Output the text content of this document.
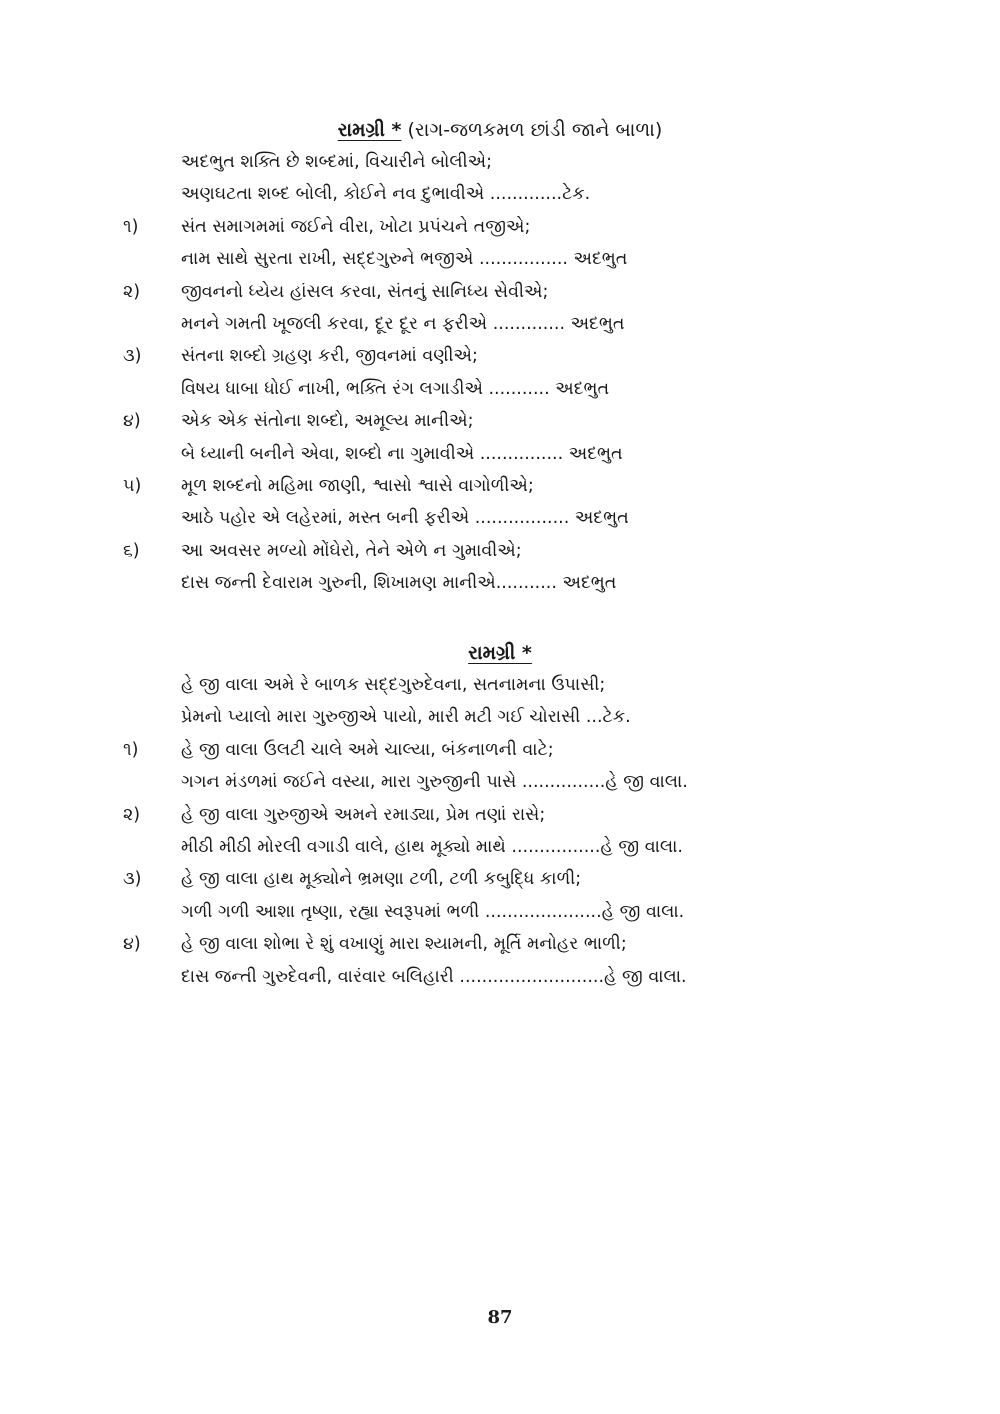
રામગ્રી * (રાગ-જળકમળ છાંડી જાને બાળા)
અદભુત શક્તિ છે શબ્દમાં, વિચારીને બોલીએ;
અણઘટતા શબ્દ બોલી, કોઈને નવ દુભાવીએ .............ટેક.
૧)	સંત સમાગમમાં જઈને વીરા, ખોટા પ્રપંચને તજીએ;
નામ સાથે સુરતા રાખી, સદ્દગુરુને ભજીએ ................ અદભુત
૨)	જીવનનો ધ્યેય હાંસલ કરવા, સંતનું સાનિધ્ય સેવીએ;
મનને ગમતી ખૂજલી કરવા, દૂર દૂર ન ફરીએ ............. અદભુત
૩)	સંતના શબ્દો ગ્રહણ કરી, જીવનમાં વણીએ;
વિષય ધાબા ધોઈ નાખી, ભક્તિ રંગ લગાડીએ ........... અદભુત
૪)	એક એક સંતોના શબ્દો, અમૂલ્ય માનીએ;
બે ધ્યાની બનીને એવા, શબ્દો ના ગુમાવીએ ............... અદભુત
૫)	મૂળ શબ્દનો મહિમા જાણી, શ્વાસો શ્વાસે વાગોળીએ;
આઠે પહોર એ લહેરમાં, મસ્ત બની ફરીએ ................. અદભુત
૬)	આ અવસર મળ્યો મોંઘેરો, તેને એળે ન ગુમાવીએ;
દાસ જન્તી દેવારામ ગુરુની, શિખામણ માનીએ........... અદભુત
રામગ્રી *
હે જી વાલા અમે રે બાળક સદ્દગુરુદેવના, સતનામના ઉપાસી;
પ્રેમનો પ્યાલો મારા ગુરુજીએ પાયો, મારી મટી ગઈ ચોરાસી ...ટેક.
૧)	હે જી વાલા ઉલટી ચાલે અમે ચાલ્યા, બંકનાળની વાટે;
ગગન મંડળમાં જઈને વસ્યા, મારા ગુરુજીની પાસે ...............હે જી વાલા.
૨)	હે જી વાલા ગુરુજીએ અમને રમાડ્યા, પ્રેમ તણાં રાસે;
મીઠી મીઠી મોરલી વગાડી વાલે, હાથ મૂક્યો માથે ................હે જી વાલા.
૩)	હે જી વાલા હાથ મૂક્યોને ભ્રમણા ટળી, ટળી કબુદ્ધિ કાળી;
ગળી ગળી આશા તૃષ્ણા, રહ્યા સ્વરૂપમાં ભળી .....................હે જી વાલા.
૪)	હે જી વાલા શોભા રે શું વખાણું મારા શ્યામની, મૂર્તિ મનોહર ભાળી;
દાસ જન્તી ગુરુદેવની, વારંવાર બલિહારી ..........................હે જી વાલા.
87
